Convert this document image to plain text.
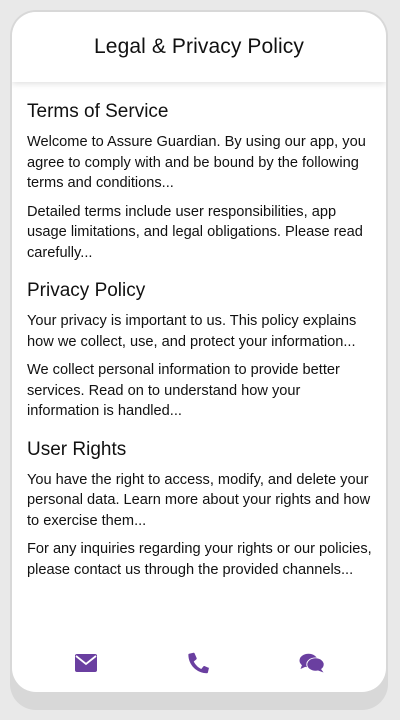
Legal & Privacy Policy
Terms of Service

Welcome to Assure Guardian. By using our app, you agree to comply with and be bound by the following terms and conditions...

Detailed terms include user responsibilities, app usage limitations, and legal obligations. Please read carefully...

Privacy Policy

Your privacy is important to us. This policy explains how we collect, use, and protect your information...

We collect personal information to provide better services. Read on to understand how your information is handled...

User Rights

You have the right to access, modify, and delete your personal data. Learn more about your rights and how to exercise them...

For any inquiries regarding your rights or our policies, please contact us through the provided channels...
